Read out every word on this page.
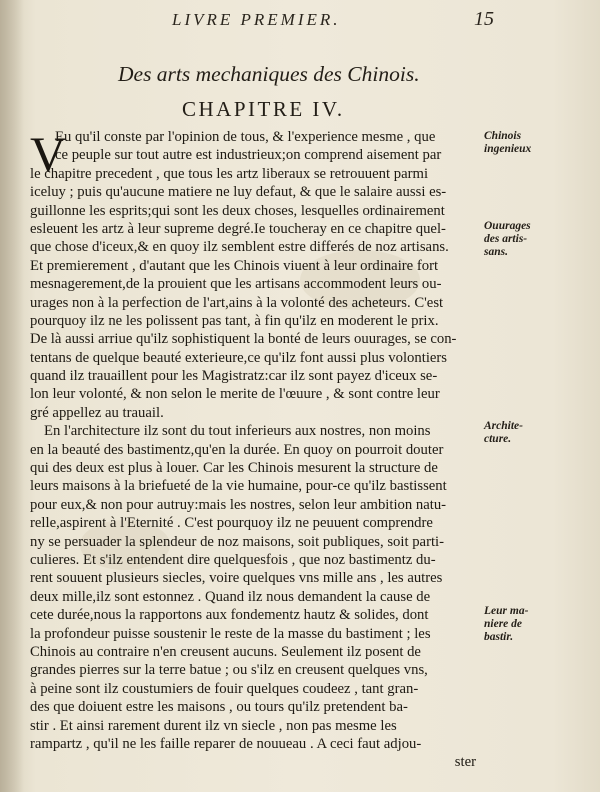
LIVRE PREMIER.	15
Des arts mechaniques des Chinois.
CHAPITRE IV.
V
Eu qu'il conste par l'opinion de tous, & l'experience mesme , que
ce peuple sur tout autre est industrieux;on comprend aisement par
le chapitre precedent , que tous les artz liberaux se retrouuent parmi
iceluy ; puis qu'aucune matiere ne luy defaut, & que le salaire aussi es-
guillonne les esprits;qui sont les deux choses, lesquelles ordinairement
esleuent les artz à leur supreme degré.Ie toucheray en ce chapitre quel-
que chose d'iceux,& en quoy ilz semblent estre differés de noz artisans.
Et premierement , d'autant que les Chinois viuent à leur ordinaire fort
mesnagerement,de la prouient que les artisans accommodent leurs ou-
urages non à la perfection de l'art,ains à la volonté des acheteurs. C'est
pourquoy ilz ne les polissent pas tant, à fin qu'ilz en moderent le prix.
De là aussi arriue qu'ilz sophistiquent la bonté de leurs ouurages, se con-
tentans de quelque beauté exterieure,ce qu'ilz font aussi plus volontiers
quand ilz trauaillent pour les Magistratz:car ilz sont payez d'iceux se-
lon leur volonté, & non selon le merite de l'œuure , & sont contre leur
gré appellez au trauail.
En l'architecture ilz sont du tout inferieurs aux nostres, non moins
en la beauté des bastimentz,qu'en la durée. En quoy on pourroit douter
qui des deux est plus à louer. Car les Chinois mesurent la structure de
leurs maisons à la briefueté de la vie humaine, pour-ce qu'ilz bastissent
pour eux,& non pour autruy:mais les nostres, selon leur ambition natu-
relle,aspirent à l'Eternité . C'est pourquoy ilz ne peuuent comprendre
ny se persuader la splendeur de noz maisons, soit publiques, soit parti-
culieres. Et s'ilz entendent dire quelquesfois , que noz bastimentz du-
rent souuent plusieurs siecles, voire quelques vns mille ans , les autres
deux mille,ilz sont estonnez . Quand ilz nous demandent la cause de
cete durée,nous la rapportons aux fondementz hautz & solides, dont
la profondeur puisse soustenir le reste de la masse du bastiment ; les
Chinois au contraire n'en creusent aucuns. Seulement ilz posent de
grandes pierres sur la terre batue ; ou s'ilz en creusent quelques vns,
à peine sont ilz coustumiers de fouir quelques coudeez , tant gran-
des que doiuent estre les maisons , ou tours qu'ilz pretendent ba-
stir . Et ainsi rarement durent ilz vn siecle , non pas mesme les
rampartz , qu'il ne les faille reparer de nouueau . A ceci faut adjou-
ster
Chinois
ingenieux
Ouurages
des artis-
sans.
Archite-
cture.
Leur ma-
niere de
bastir.
